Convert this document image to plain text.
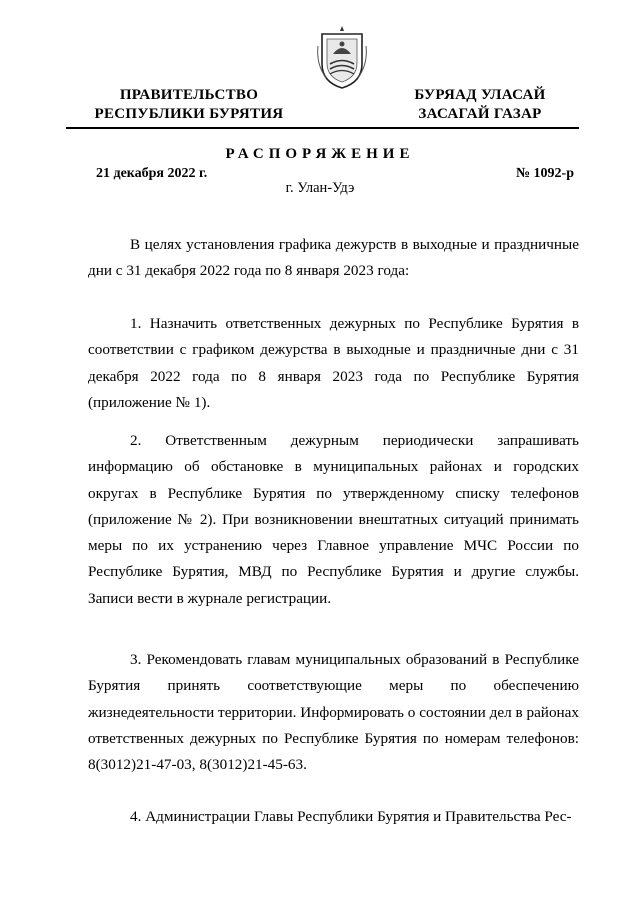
ПРАВИТЕЛЬСТВО
РЕСПУБЛИКИ БУРЯТИЯ
БУРЯАД УЛАСАЙ
ЗАСАГАЙ ГАЗАР
РАСПОРЯЖЕНИЕ
21 декабря 2022 г.	№ 1092-р
г. Улан-Удэ

В целях установления графика дежурств в выходные и праздничные дни с 31 декабря 2022 года по 8 января 2023 года:

1. Назначить ответственных дежурных по Республике Бурятия в соответствии с графиком дежурства в выходные и праздничные дни с 31 декабря 2022 года по 8 января 2023 года по Республике Бурятия (приложение № 1).

2. Ответственным дежурным периодически запрашивать информацию об обстановке в муниципальных районах и городских округах в Республике Бурятия по утвержденному списку телефонов (приложение № 2). При возникновении внештатных ситуаций принимать меры по их устранению через Главное управление МЧС России по Республике Бурятия, МВД по Республике Бурятия и другие службы. Записи вести в журнале регистрации.

3. Рекомендовать главам муниципальных образований в Республике Бурятия принять соответствующие меры по обеспечению жизнедеятельности территории. Информировать о состоянии дел в районах ответственных дежурных по Республике Бурятия по номерам телефонов: 8(3012)21-47-03, 8(3012)21-45-63.

4. Администрации Главы Республики Бурятия и Правительства Рес-
